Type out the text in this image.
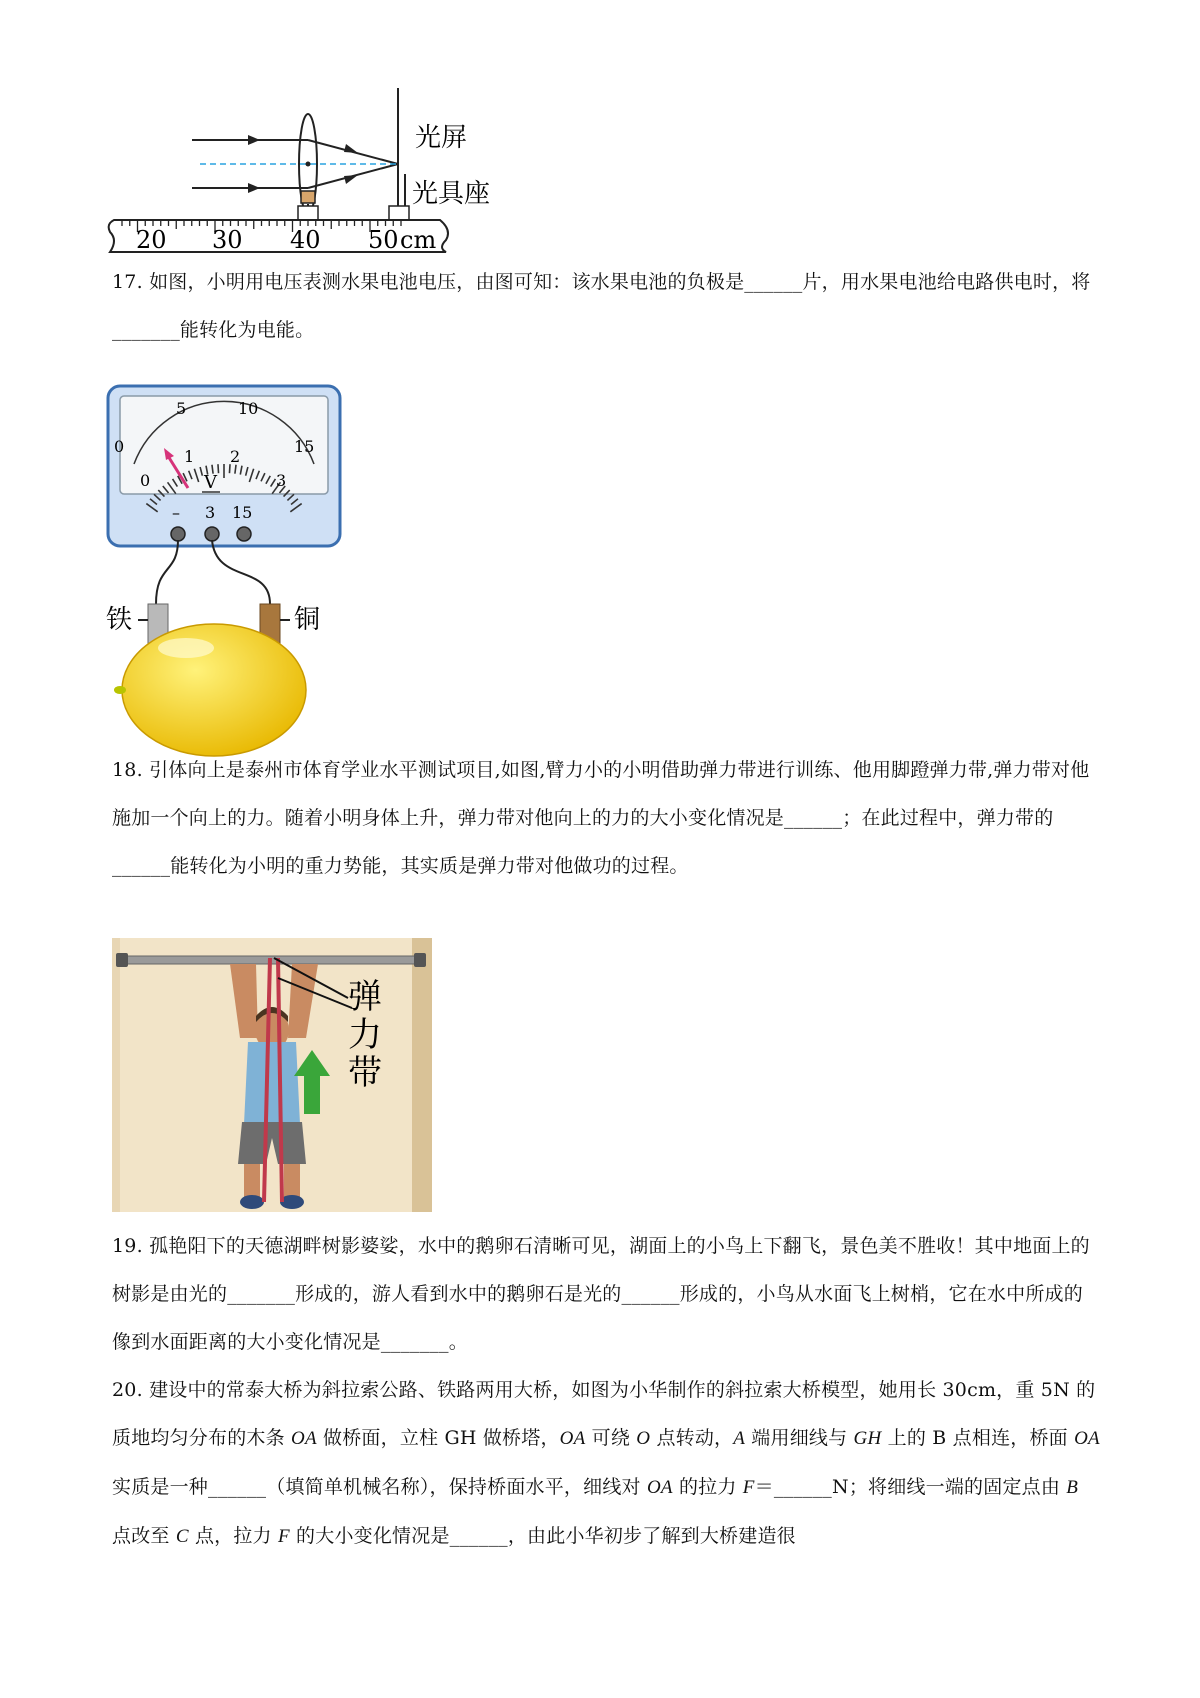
20 30 40 50 cm
光屏
光具座

17. 如图，小明用电压表测水果电池电压，由图可知：该水果电池的负极是______片，用水果电池给电路供电时，将_______能转化为电能。

0
5	10
15
0
1 2
3
V
– 3 15
铁	铜

18. 引体向上是泰州市体育学业水平测试项目,如图,臂力小的小明借助弹力带进行训练、他用脚蹬弹力带,弹力带对他施加一个向上的力。随着小明身体上升，弹力带对他向上的力的大小变化情况是______；在此过程中，弹力带的______能转化为小明的重力势能，其实质是弹力带对他做功的过程。

弹
力
带

19. 孤艳阳下的天德湖畔树影婆娑，水中的鹅卵石清晰可见，湖面上的小鸟上下翻飞，景色美不胜收！其中地面上的树影是由光的_______形成的，游人看到水中的鹅卵石是光的______形成的，小鸟从水面飞上树梢，它在水中所成的像到水面距离的大小变化情况是_______。

20. 建设中的常泰大桥为斜拉索公路、铁路两用大桥，如图为小华制作的斜拉索大桥模型，她用长 30cm，重 5N 的质地均匀分布的木条 OA 做桥面，立柱 GH 做桥塔，OA 可绕 O 点转动，A 端用细线与 GH 上的 B 点相连，桥面 OA 实质是一种______（填简单机械名称），保持桥面水平，细线对 OA 的拉力 F＝______N；将细线一端的固定点由 B 点改至 C 点，拉力 F 的大小变化情况是______，由此小华初步了解到大桥建造很
